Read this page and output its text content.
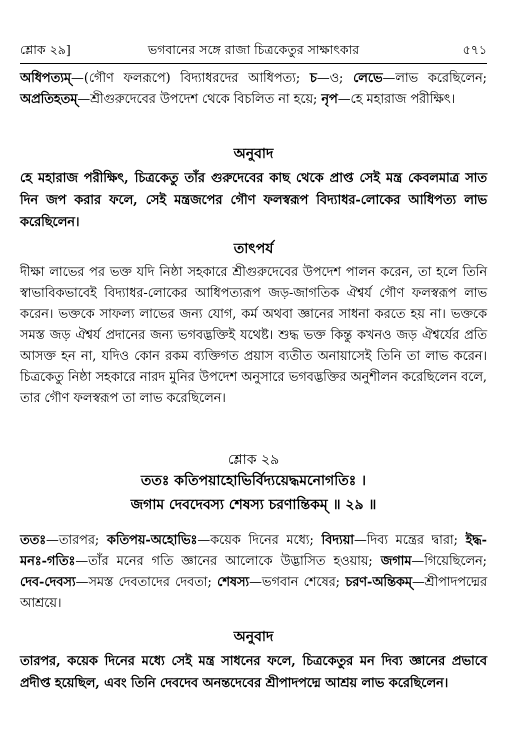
শ্লোক ২৯]	ভগবানের সঙ্গে রাজা চিত্রকেতুর সাক্ষাৎকার	৫৭১
অধিপত্যম্—(গৌণ ফলরূপে) বিদ্যাধরদের আধিপত্য; চ—ও; লেভে—লাভ করেছিলেন; অপ্রতিহতম্—শ্রীগুরুদেবের উপদেশ থেকে বিচলিত না হয়ে; নৃপ—হে মহারাজ পরীক্ষিৎ।
অনুবাদ
হে মহারাজ পরীক্ষিৎ, চিত্রকেতু তাঁর গুরুদেবের কাছ থেকে প্রাপ্ত সেই মন্ত্র কেবলমাত্র সাত দিন জপ করার ফলে, সেই মন্ত্রজপের গৌণ ফলস্বরূপ বিদ্যাধর-লোকের আধিপত্য লাভ করেছিলেন।
তাৎপর্য
দীক্ষা লাভের পর ভক্ত যদি নিষ্ঠা সহকারে শ্রীগুরুদেবের উপদেশ পালন করেন, তা হলে তিনি স্বাভাবিকভাবেই বিদ্যাধর-লোকের আধিপত্যরূপ জড়-জাগতিক ঐশ্বর্য গৌণ ফলস্বরূপ লাভ করেন। ভক্তকে সাফল্য লাভের জন্য যোগ, কর্ম অথবা জ্ঞানের সাধনা করতে হয় না। ভক্তকে সমস্ত জড় ঐশ্বর্য প্রদানের জন্য ভগবদ্ভক্তিই যথেষ্ট। শুদ্ধ ভক্ত কিন্তু কখনও জড় ঐশ্বর্যের প্রতি আসক্ত হন না, যদিও কোন রকম ব্যক্তিগত প্রয়াস ব্যতীত অনায়াসেই তিনি তা লাভ করেন। চিত্রকেতু নিষ্ঠা সহকারে নারদ মুনির উপদেশ অনুসারে ভগবদ্ভক্তির অনুশীলন করেছিলেন বলে, তার গৌণ ফলস্বরূপ তা লাভ করেছিলেন।
শ্লোক ২৯
ততঃ কতিপয়াহোভির্বিদ্যয়েদ্ধমনোগতিঃ ।
জগাম দেবদেবস্য শেষস্য চরণান্তিকম্ ॥ ২৯ ॥
ততঃ—তারপর; কতিপয়-অহোভিঃ—কয়েক দিনের মধ্যে; বিদ্যয়া—দিব্য মন্ত্রের দ্বারা; ইদ্ধ-মনঃ-গতিঃ—তাঁর মনের গতি জ্ঞানের আলোকে উদ্ভাসিত হওয়ায়; জগাম—গিয়েছিলেন; দেব-দেবস্য—সমস্ত দেবতাদের দেবতা; শেষস্য—ভগবান শেষের; চরণ-অন্তিকম্—শ্রীপাদপদ্মের আশ্রয়ে।
অনুবাদ
তারপর, কয়েক দিনের মধ্যে সেই মন্ত্র সাধনের ফলে, চিত্রকেতুর মন দিব্য জ্ঞানের প্রভাবে প্রদীপ্ত হয়েছিল, এবং তিনি দেবদেব অনন্তদেবের শ্রীপাদপদ্মে আশ্রয় লাভ করেছিলেন।
